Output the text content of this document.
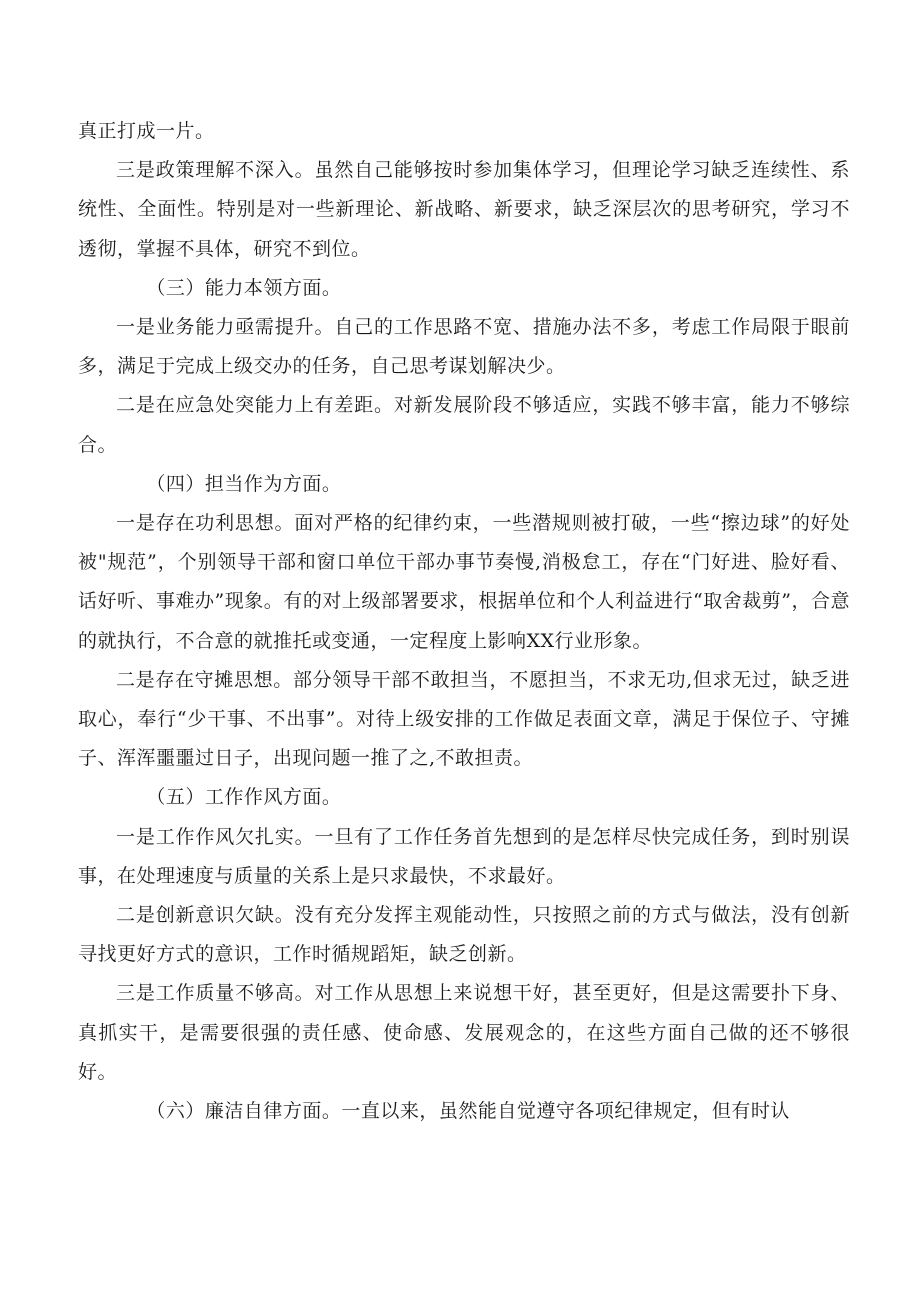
真正打成一片。

三是政策理解不深入。虽然自己能够按时参加集体学习，但理论学习缺乏连续性、系统性、全面性。特别是对一些新理论、新战略、新要求，缺乏深层次的思考研究，学习不透彻，掌握不具体，研究不到位。

（三）能力本领方面。

一是业务能力亟需提升。自己的工作思路不宽、措施办法不多，考虑工作局限于眼前多，满足于完成上级交办的任务，自己思考谋划解决少。

二是在应急处突能力上有差距。对新发展阶段不够适应，实践不够丰富，能力不够综合。

（四）担当作为方面。

一是存在功利思想。面对严格的纪律约束，一些潜规则被打破，一些“擦边球”的好处被"规范”，个别领导干部和窗口单位干部办事节奏慢,消极怠工，存在“门好进、脸好看、话好听、事难办”现象。有的对上级部署要求，根据单位和个人利益进行“取舍裁剪”，合意的就执行，不合意的就推托或变通，一定程度上影响XX行业形象。

二是存在守摊思想。部分领导干部不敢担当，不愿担当，不求无功,但求无过，缺乏进取心，奉行“少干事、不出事”。对待上级安排的工作做足表面文章，满足于保位子、守摊子、浑浑噩噩过日子，出现问题一推了之,不敢担责。

（五）工作作风方面。

一是工作作风欠扎实。一旦有了工作任务首先想到的是怎样尽快完成任务，到时别误事，在处理速度与质量的关系上是只求最快，不求最好。

二是创新意识欠缺。没有充分发挥主观能动性，只按照之前的方式与做法，没有创新寻找更好方式的意识，工作时循规蹈矩，缺乏创新。

三是工作质量不够高。对工作从思想上来说想干好，甚至更好，但是这需要扑下身、真抓实干，是需要很强的责任感、使命感、发展观念的，在这些方面自己做的还不够很好。

（六）廉洁自律方面。一直以来，虽然能自觉遵守各项纪律规定，但有时认
